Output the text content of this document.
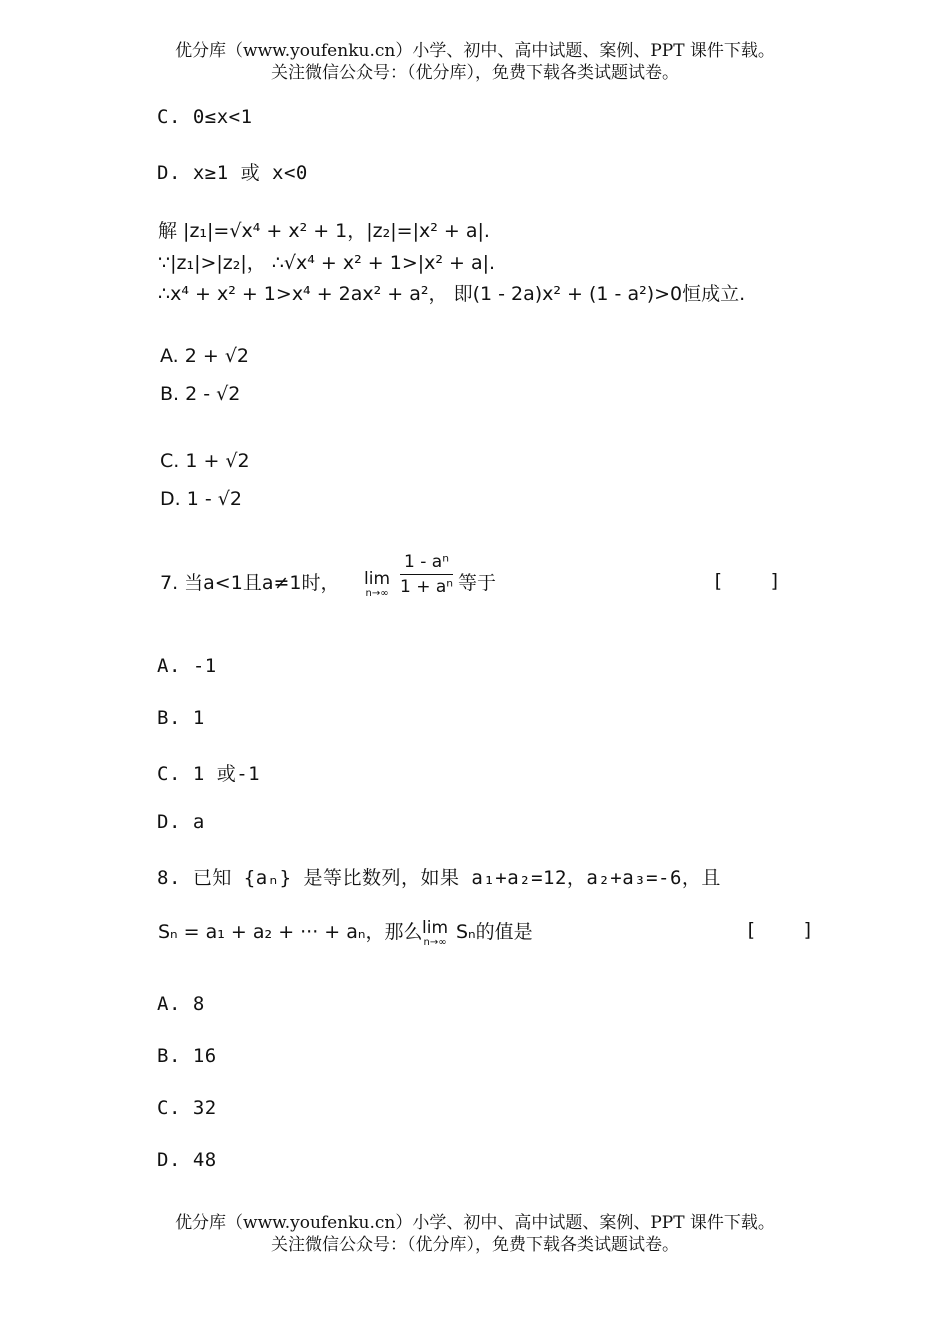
优分库（www.youfenku.cn）小学、初中、高中试题、案例、PPT 课件下载。
关注微信公众号：（优分库），免费下载各类试题试卷。
C. 0≤x<1
D. x≥1 或 x<0
解 |z₁|=√x⁴ + x² + 1，|z₂|=|x² + a|.
∵|z₁|>|z₂|， ∴√x⁴ + x² + 1>|x² + a|.
∴x⁴ + x² + 1>x⁴ + 2ax² + a²， 即(1 - 2a)x² + (1 - a²)>0恒成立.
A. 2 + √2
B. 2 - √2
C. 1 + √2
D. 1 - √2
7. 当a<1且a≠1时， lim
$n\to\infty \frac{\text{1 - aⁿ}}{\text{1 + aⁿ}}$ 等于	[    ]
A. -1
B. 1
C. 1 或-1
D. a
8. 已知 {aₙ} 是等比数列，如果 a₁+a₂=12，a₂+a₃=-6，且
Sₙ = a₁ + a₂ + ··· + aₙ，那么 lim
n→∞ Sₙ的值是	[    ]
A. 8
B. 16
C. 32
D. 48
优分库（www.youfenku.cn）小学、初中、高中试题、案例、PPT 课件下载。
关注微信公众号：（优分库），免费下载各类试题试卷。
